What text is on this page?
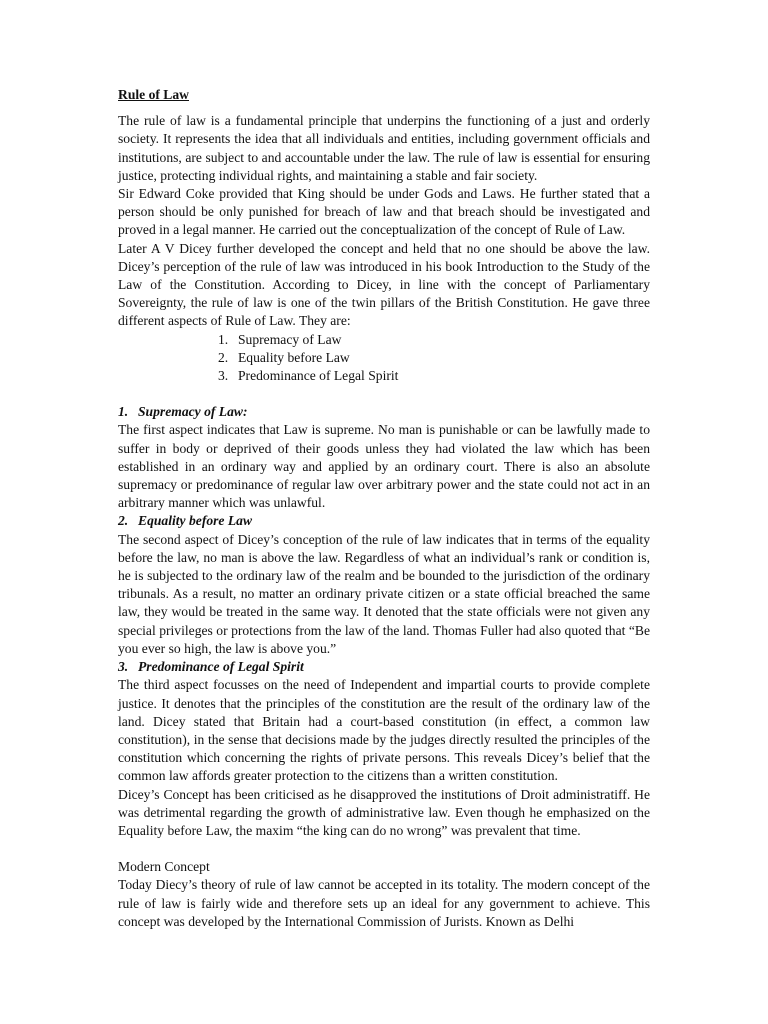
Rule of Law

The rule of law is a fundamental principle that underpins the functioning of a just and orderly society. It represents the idea that all individuals and entities, including government officials and institutions, are subject to and accountable under the law. The rule of law is essential for ensuring justice, protecting individual rights, and maintaining a stable and fair society.

Sir Edward Coke provided that King should be under Gods and Laws. He further stated that a person should be only punished for breach of law and that breach should be investigated and proved in a legal manner. He carried out the conceptualization of the concept of Rule of Law.

Later A V Dicey further developed the concept and held that no one should be above the law. Dicey’s perception of the rule of law was introduced in his book Introduction to the Study of the Law of the Constitution. According to Dicey, in line with the concept of Parliamentary Sovereignty, the rule of law is one of the twin pillars of the British Constitution. He gave three different aspects of Rule of Law. They are:

1. Supremacy of Law
2. Equality before Law
3. Predominance of Legal Spirit
1. Supremacy of Law:

The first aspect indicates that Law is supreme. No man is punishable or can be lawfully made to suffer in body or deprived of their goods unless they had violated the law which has been established in an ordinary way and applied by an ordinary court. There is also an absolute supremacy or predominance of regular law over arbitrary power and the state could not act in an arbitrary manner which was unlawful.

2. Equality before Law

The second aspect of Dicey’s conception of the rule of law indicates that in terms of the equality before the law, no man is above the law. Regardless of what an individual’s rank or condition is, he is subjected to the ordinary law of the realm and be bounded to the jurisdiction of the ordinary tribunals. As a result, no matter an ordinary private citizen or a state official breached the same law, they would be treated in the same way. It denoted that the state officials were not given any special privileges or protections from the law of the land. Thomas Fuller had also quoted that “Be you ever so high, the law is above you.”

3. Predominance of Legal Spirit

The third aspect focusses on the need of Independent and impartial courts to provide complete justice. It denotes that the principles of the constitution are the result of the ordinary law of the land. Dicey stated that Britain had a court-based constitution (in effect, a common law constitution), in the sense that decisions made by the judges directly resulted the principles of the constitution which concerning the rights of private persons. This reveals Dicey’s belief that the common law affords greater protection to the citizens than a written constitution.

Dicey’s Concept has been criticised as he disapproved the institutions of Droit administratiff. He was detrimental regarding the growth of administrative law. Even though he emphasized on the Equality before Law, the maxim “the king can do no wrong” was prevalent that time.

Modern Concept

Today Diecy’s theory of rule of law cannot be accepted in its totality. The modern concept of the rule of law is fairly wide and therefore sets up an ideal for any government to achieve. This concept was developed by the International Commission of Jurists. Known as Delhi
